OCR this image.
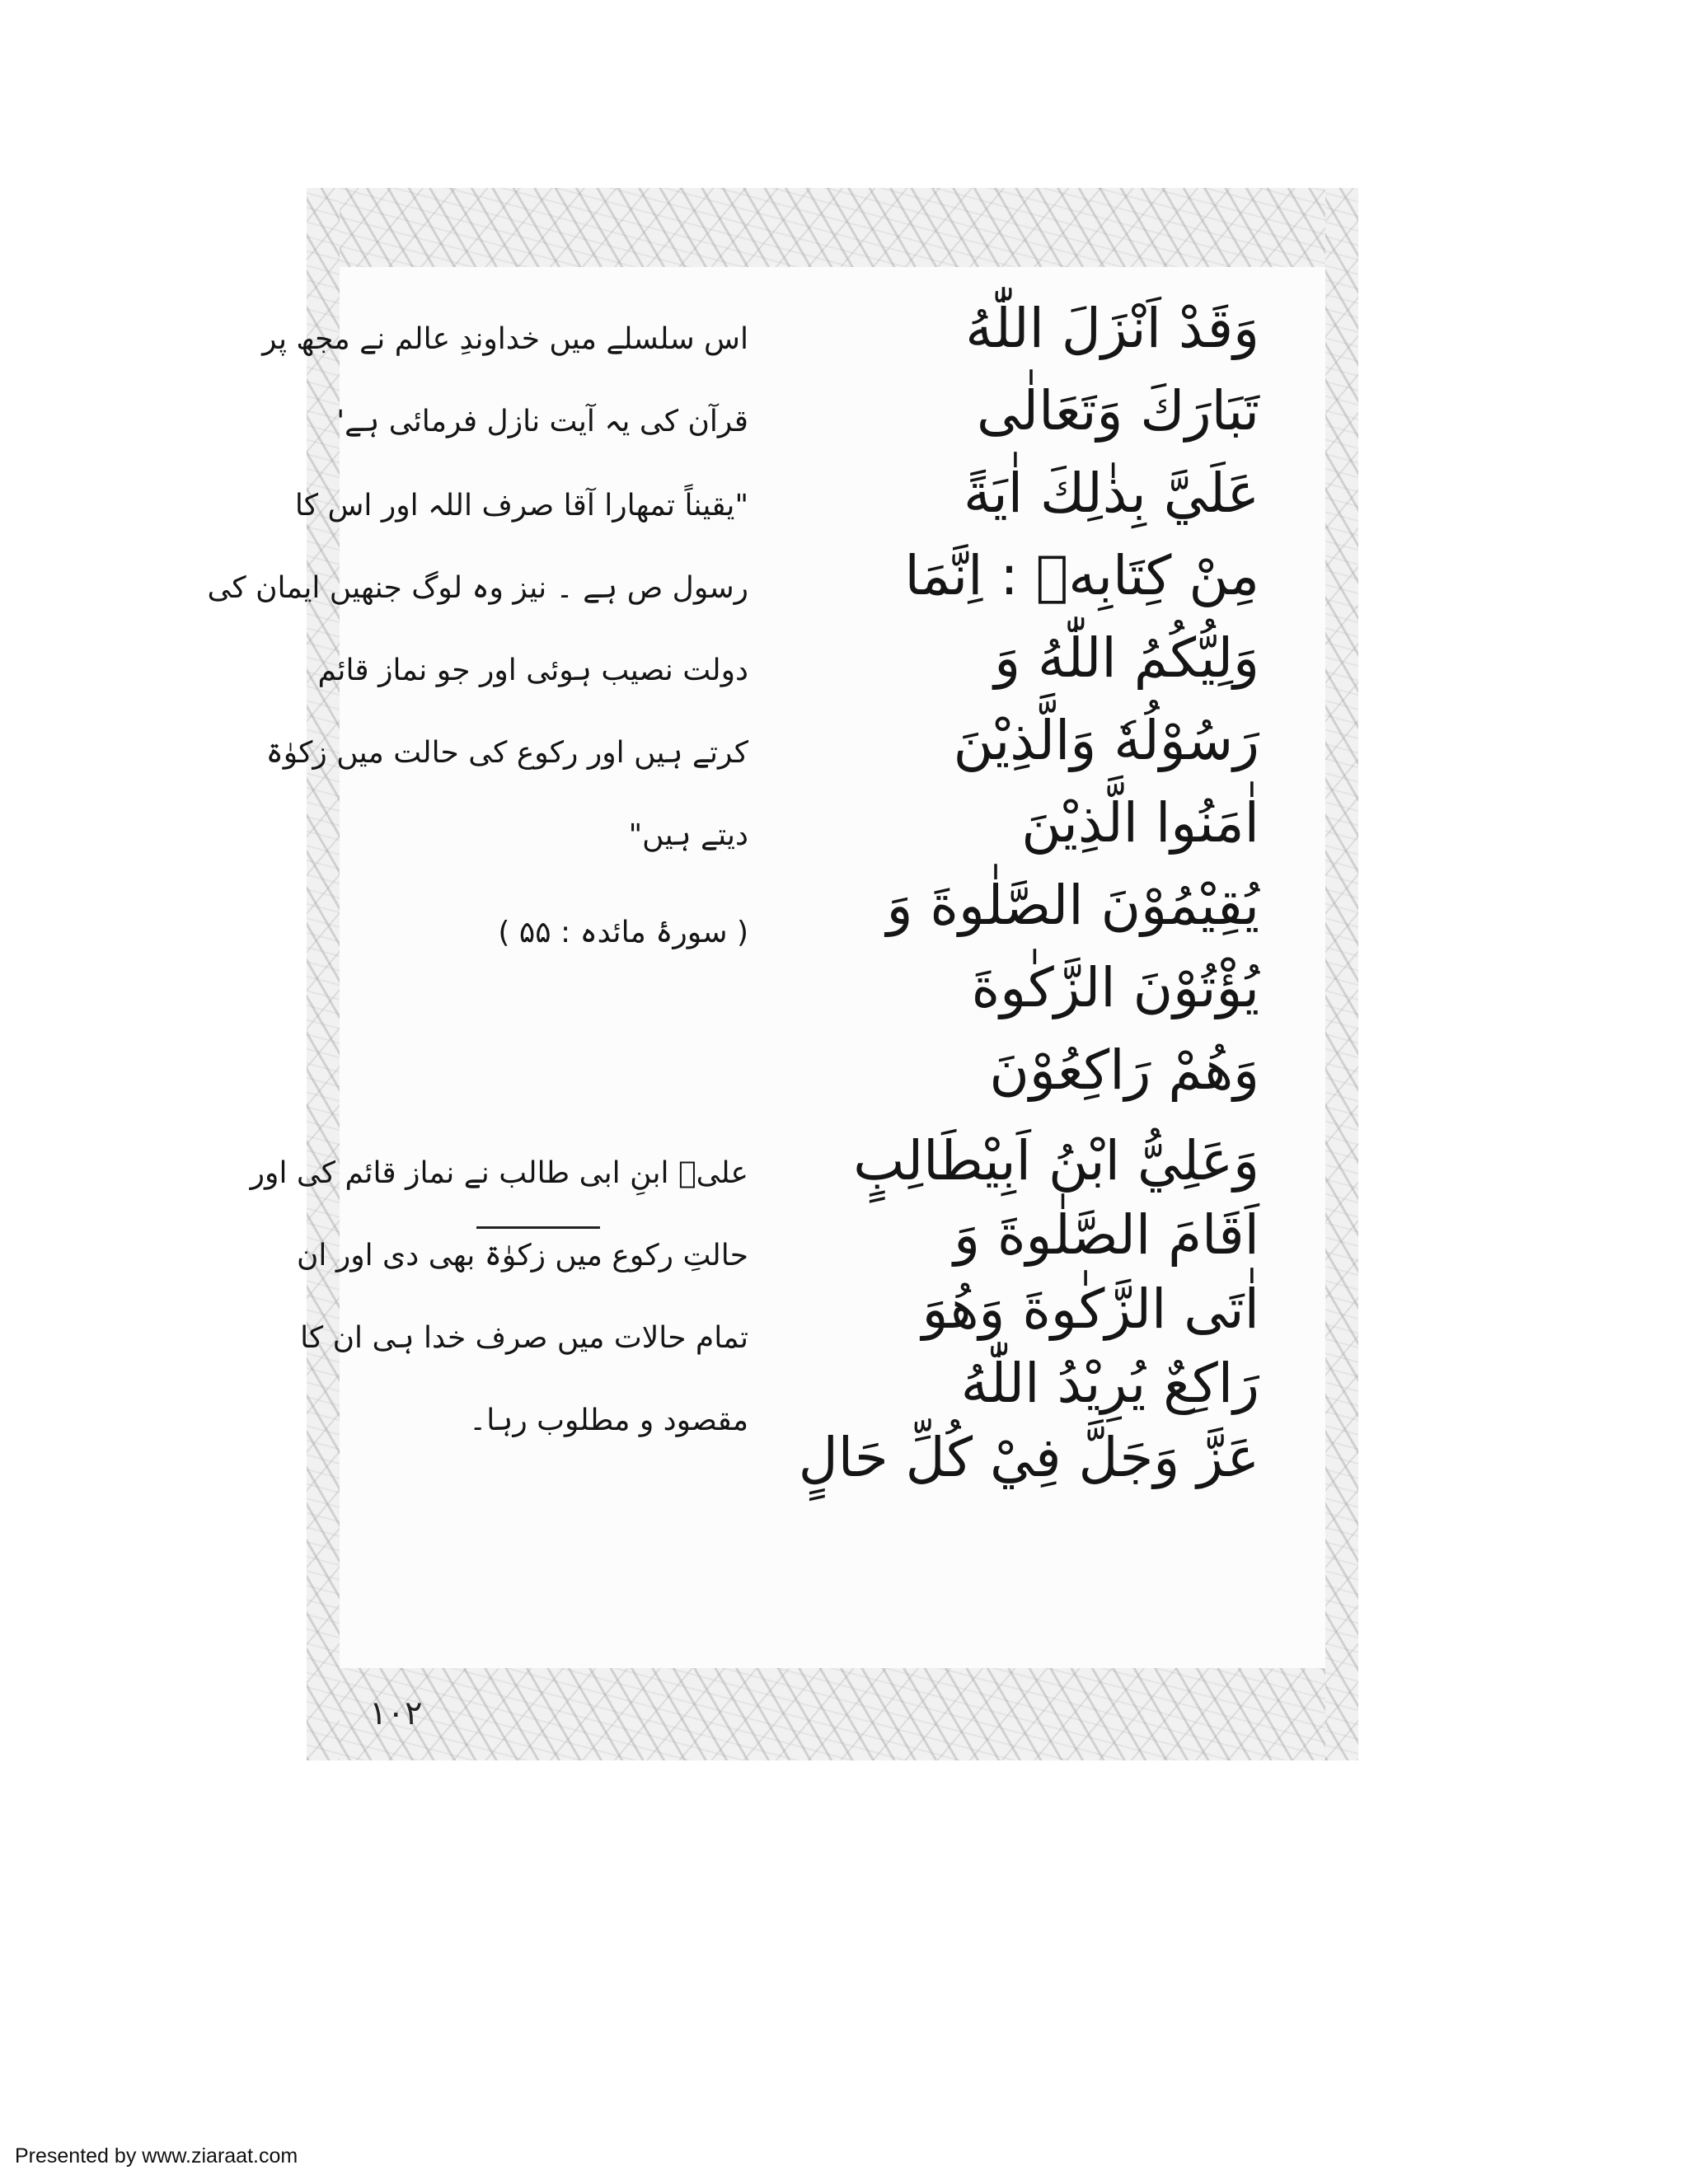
وَقَدْ اَنْزَلَ اللّٰهُ
تَبَارَكَ وَتَعَالٰى
عَلَيَّ بِذٰلِكَ اٰيَةً
مِنْ كِتَابِهٖ : اِنَّمَا
وَلِيُّكُمُ اللّٰهُ وَ
رَسُوْلُهٗ وَالَّذِيْنَ
اٰمَنُوا الَّذِيْنَ
يُقِيْمُوْنَ الصَّلٰوةَ وَ
يُؤْتُوْنَ الزَّكٰوةَ
وَهُمْ رَاكِعُوْنَ
وَعَلِيُّ ابْنُ اَبِيْطَالِبٍ
اَقَامَ الصَّلٰوةَ وَ
اٰتَى الزَّكٰوةَ وَهُوَ
رَاكِعٌ يُرِيْدُ اللّٰهُ
عَزَّ وَجَلَّ فِيْ كُلِّ حَالٍ
اس سلسلے میں خداوندِ عالم نے مجھ پر
قرآن کی یہ آیت نازل فرمائی ہے'
"یقیناً تمھارا آقا صرف اللہ اور اس کا
رسول ص ہے ۔ نیز وہ لوگ جنھیں ایمان کی
دولت نصیب ہوئی اور جو نماز قائم
کرتے ہیں اور رکوع کی حالت میں زکوٰۃ
دیتے ہیں"
( سورۂ مائدہ : ۵۵ )
علیؑ ابنِ ابی طالب نے نماز قائم کی اور
حالتِ رکوع میں زکوٰۃ بھی دی اور ان
تمام حالات میں صرف خدا ہی ان کا
مقصود و مطلوب رہا۔
۱۰۲
Presented by www.ziaraat.com
